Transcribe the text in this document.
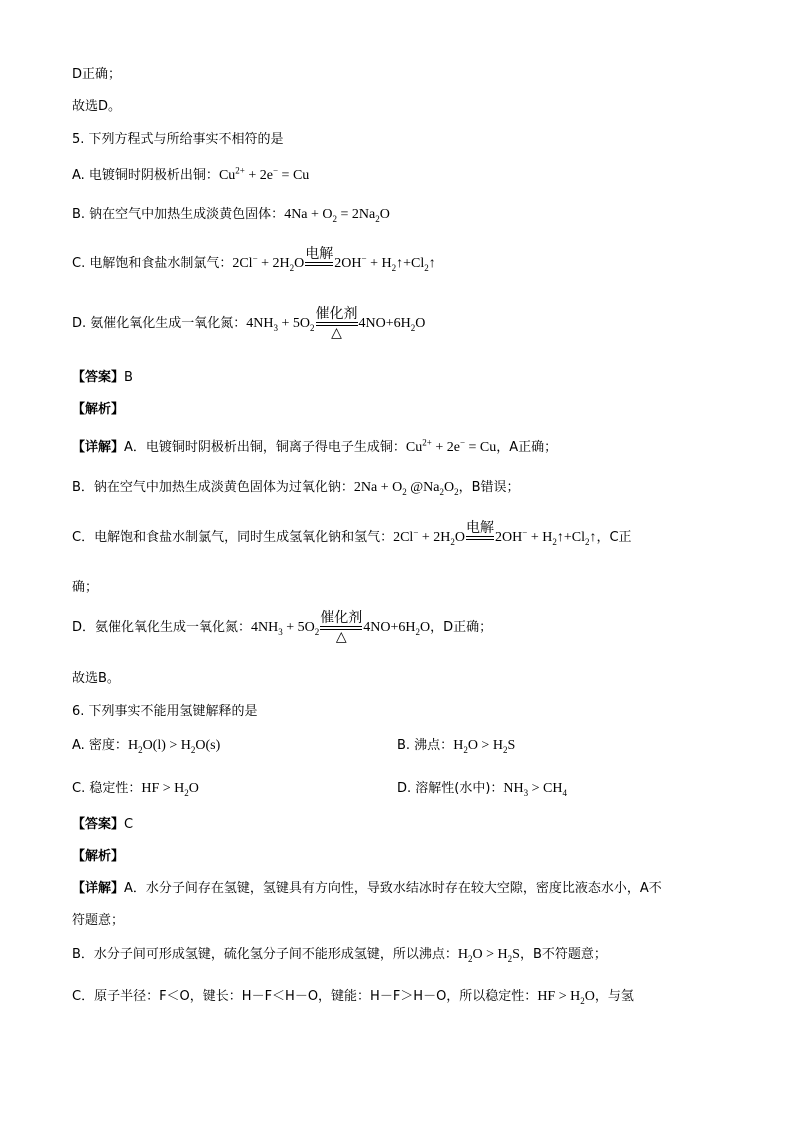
D正确；
故选D。
5. 下列方程式与所给事实不相符的是
A. 电镀铜时阴极析出铜：$Cu^{2+} + 2e^- = Cu$
B. 钠在空气中加热生成淡黄色固体：$4Na + O_2 = 2Na_2O$
C. 电解饱和食盐水制氯气：$2Cl^- + 2H_2O$
电解
$2OH^- + H_2↑+Cl_2↑$
D. 氨催化氧化生成一氧化氮：$4NH_3 + 5O_2$
催化剂
△
$4NO+6H_2O$
【答案】B
【解析】
【详解】A．电镀铜时阴极析出铜，铜离子得电子生成铜：$Cu^{2+} + 2e^- = Cu$，A正确；
B．钠在空气中加热生成淡黄色固体为过氧化钠：$2Na + O_2$ $@Na_2O_2$，B错误；
C．电解饱和食盐水制氯气，同时生成氢氧化钠和氢气：$2Cl^- + 2H_2O$
电解
$2OH^- + H_2↑+Cl_2↑$，C正
确；
D．氨催化氧化生成一氧化氮：$4NH_3 + 5O_2$
催化剂
△
$4NO+6H_2O$，D正确；
故选B。
6. 下列事实不能用氢键解释的是
A. 密度：$H_2O(l) > H_2O(s)$	B. 沸点：$H_2O > H_2S$
C. 稳定性：HF > $H_2O$	D. 溶解性(水中)：$NH_3 > CH_4$
【答案】C
【解析】
【详解】A．水分子间存在氢键，氢键具有方向性，导致水结冰时存在较大空隙，密度比液态水小，A不
符题意；
B．水分子间可形成氢键，硫化氢分子间不能形成氢键，所以沸点：$H_2O > H_2S$，B不符题意；
C．原子半径：F＜O，键长：H－F＜H－O，键能：H－F＞H－O，所以稳定性：HF > $H_2O$，与氢
